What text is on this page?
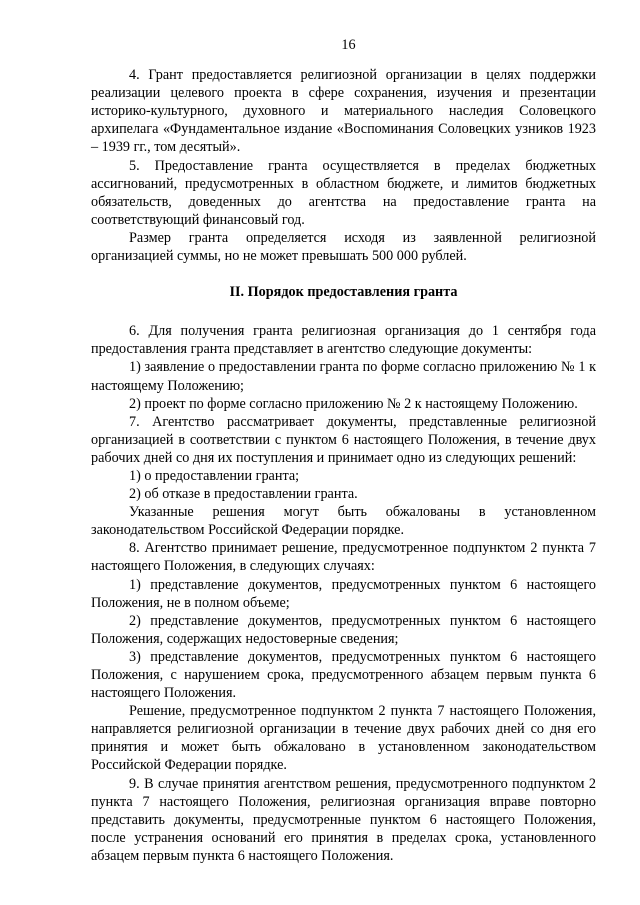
16

4. Грант предоставляется религиозной организации в целях поддержки реализации целевого проекта в сфере сохранения, изучения и презентации историко-культурного, духовного и материального наследия Соловецкого архипелага «Фундаментальное издание «Воспоминания Соловецких узников 1923 – 1939 гг., том десятый».

5. Предоставление гранта осуществляется в пределах бюджетных ассигнований, предусмотренных в областном бюджете, и лимитов бюджетных обязательств, доведенных до агентства на предоставление гранта на соответствующий финансовый год.

Размер гранта определяется исходя из заявленной религиозной организацией суммы, но не может превышать 500 000 рублей.

II. Порядок предоставления гранта

6. Для получения гранта религиозная организация до 1 сентября года предоставления гранта представляет в агентство следующие документы:

1) заявление о предоставлении гранта по форме согласно приложению № 1 к настоящему Положению;

2) проект по форме согласно приложению № 2 к настоящему Положению.

7. Агентство рассматривает документы, представленные религиозной организацией в соответствии с пунктом 6 настоящего Положения, в течение двух рабочих дней со дня их поступления и принимает одно из следующих решений:

1) о предоставлении гранта;

2) об отказе в предоставлении гранта.

Указанные решения могут быть обжалованы в установленном законодательством Российской Федерации порядке.

8. Агентство принимает решение, предусмотренное подпунктом 2 пункта 7 настоящего Положения, в следующих случаях:

1) представление документов, предусмотренных пунктом 6 настоящего Положения, не в полном объеме;

2) представление документов, предусмотренных пунктом 6 настоящего Положения, содержащих недостоверные сведения;

3) представление документов, предусмотренных пунктом 6 настоящего Положения, с нарушением срока, предусмотренного абзацем первым пункта 6 настоящего Положения.

Решение, предусмотренное подпунктом 2 пункта 7 настоящего Положения, направляется религиозной организации в течение двух рабочих дней со дня его принятия и может быть обжаловано в установленном законодательством Российской Федерации порядке.

9. В случае принятия агентством решения, предусмотренного подпунктом 2 пункта 7 настоящего Положения, религиозная организация вправе повторно представить документы, предусмотренные пунктом 6 настоящего Положения, после устранения оснований его принятия в пределах срока, установленного абзацем первым пункта 6 настоящего Положения.
